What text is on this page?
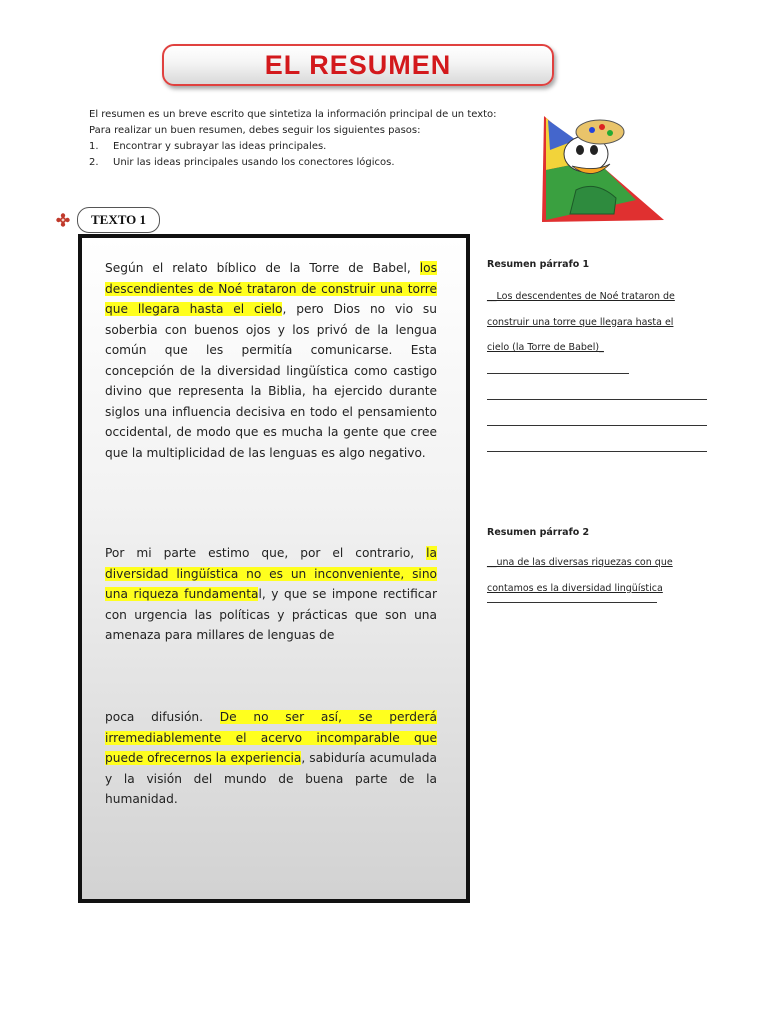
EL RESUMEN
El resumen es un breve escrito que sintetiza la información principal de un texto:
Para realizar un buen resumen, debes seguir los siguientes pasos:
1.	Encontrar y subrayar las ideas principales.
2.	Unir las ideas principales usando los conectores lógicos.
TEXTO 1
Según el relato bíblico de la Torre de Babel, los descendientes de Noé trataron de construir una torre que llegara hasta el cielo, pero Dios no vio su soberbia con buenos ojos y los privó de la lengua común que les permitía comunicarse. Esta concepción de la diversidad lingüística como castigo divino que representa la Biblia, ha ejercido durante siglos una influencia decisiva en todo el pensamiento occidental, de modo que es mucha la gente que cree que la multiplicidad de las lenguas es algo negativo.
Por mi parte estimo que, por el contrario, la diversidad lingüística no es un inconveniente, sino una riqueza fundamental, y que se impone rectificar con urgencia las políticas y prácticas que son una amenaza para millares de lenguas de
poca difusión. De no ser así, se perderá irremediablemente el acervo incomparable que puede ofrecernos la experiencia, sabiduría acumulada y la visión del mundo de buena parte de la humanidad.
Resumen párrafo 1
__Los descendentes de Noé trataron de
construir una torre que llegara hasta el
cielo (la Torre de Babel)_
Resumen párrafo 2
__una de las diversas riquezas con que
contamos es la diversidad lingüística
